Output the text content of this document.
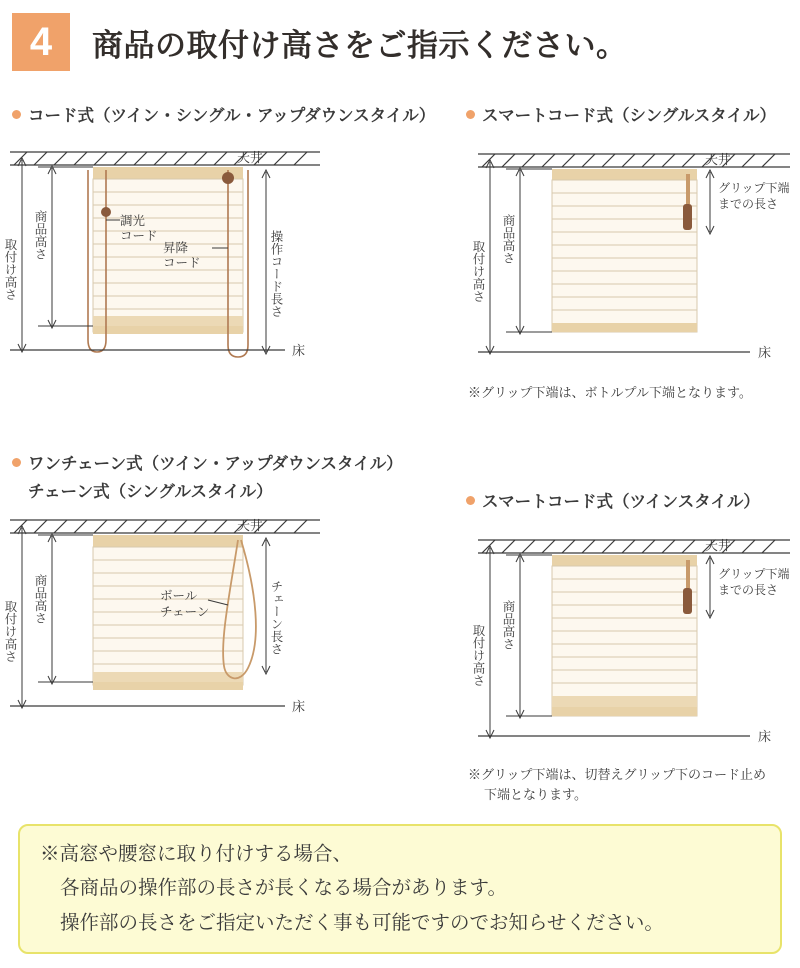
4	商品の取付け高さをご指示ください。
コード式（ツイン・シングル・アップダウンスタイル）
天井
調光
コード
昇降
コード
床
取付け高さ
商品高さ	操作コード長さ
スマートコード式（シングルスタイル）
天井
グリップ下端
までの長さ
床
取付け高さ
商品高さ
※グリップ下端は、ボトルプル下端となります。
ワンチェーン式（ツイン・アップダウンスタイル）
チェーン式（シングルスタイル）
天井
ボール
チェーン
床
取付け高さ
商品高さ	チェーン長さ
スマートコード式（ツインスタイル）
天井
グリップ下端
までの長さ
床
取付け高さ 商品高さ
※グリップ下端は、切替えグリップ下のコード止め
下端となります。

※高窓や腰窓に取り付けする場合、

各商品の操作部の長さが長くなる場合があります。

操作部の長さをご指定いただく事も可能ですのでお知らせください。
